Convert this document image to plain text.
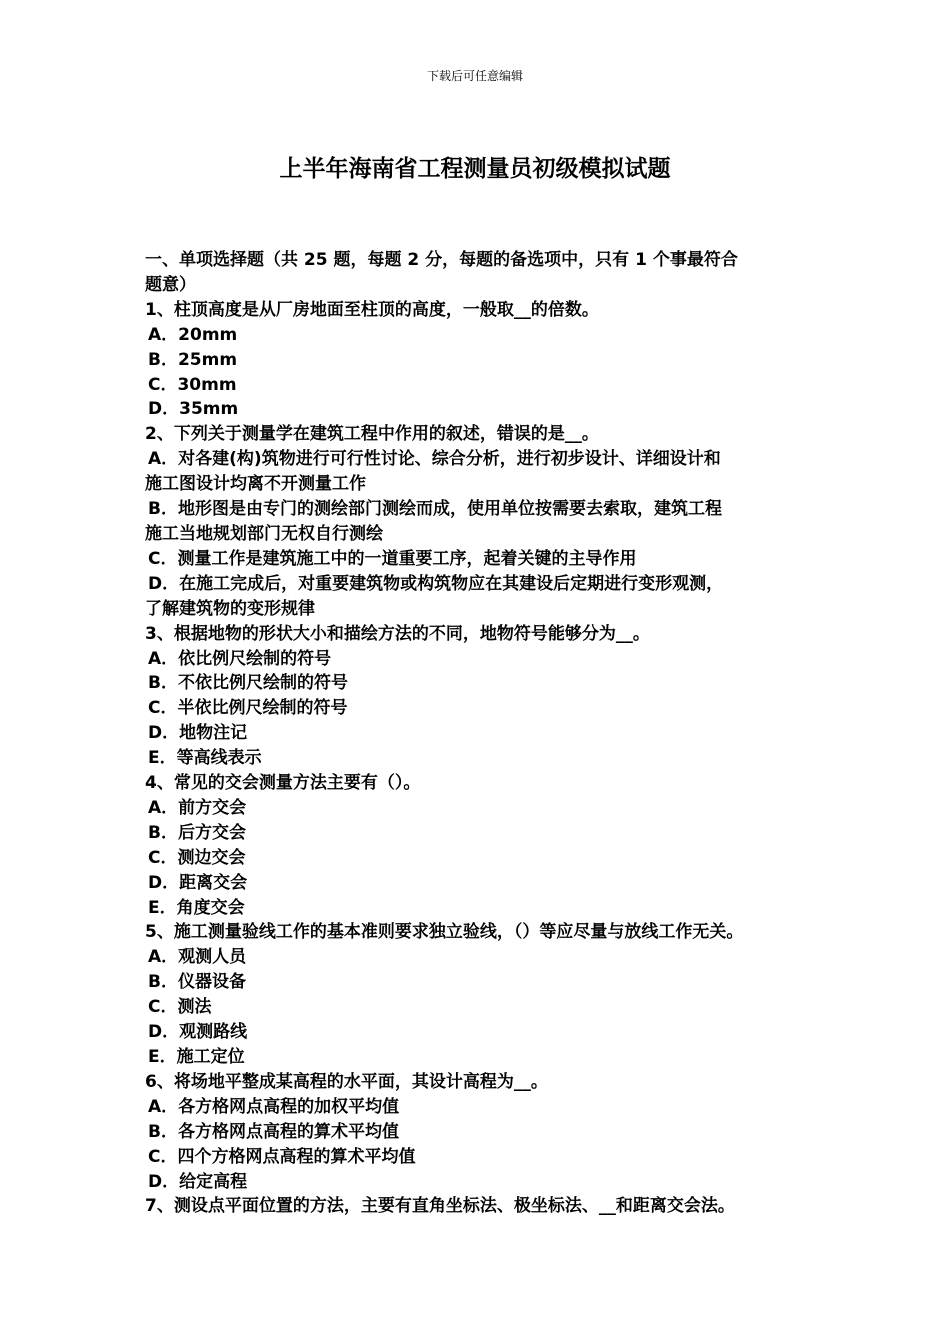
下载后可任意编辑
上半年海南省工程测量员初级模拟试题
一、单项选择题（共 25 题，每题 2 分，每题的备选项中，只有 1 个事最符合
题意）
1、柱顶高度是从厂房地面至柱顶的高度，一般取__的倍数。
A．20mm
B．25mm
C．30mm
D．35mm
2、下列关于测量学在建筑工程中作用的叙述，错误的是__。
A．对各建(构)筑物进行可行性讨论、综合分析，进行初步设计、详细设计和
施工图设计均离不开测量工作
B．地形图是由专门的测绘部门测绘而成，使用单位按需要去索取，建筑工程
施工当地规划部门无权自行测绘
C．测量工作是建筑施工中的一道重要工序，起着关键的主导作用
D．在施工完成后，对重要建筑物或构筑物应在其建设后定期进行变形观测，
了解建筑物的变形规律
3、根据地物的形状大小和描绘方法的不同，地物符号能够分为__。
A．依比例尺绘制的符号
B．不依比例尺绘制的符号
C．半依比例尺绘制的符号
D．地物注记
E．等高线表示
4、常见的交会测量方法主要有（）。
A．前方交会
B．后方交会
C．测边交会
D．距离交会
E．角度交会
5、施工测量验线工作的基本准则要求独立验线，（）等应尽量与放线工作无关。
A．观测人员
B．仪器设备
C．测法
D．观测路线
E．施工定位
6、将场地平整成某高程的水平面，其设计高程为__。
A．各方格网点高程的加权平均值
B．各方格网点高程的算术平均值
C．四个方格网点高程的算术平均值
D．给定高程
7、测设点平面位置的方法，主要有直角坐标法、极坐标法、__和距离交会法。
